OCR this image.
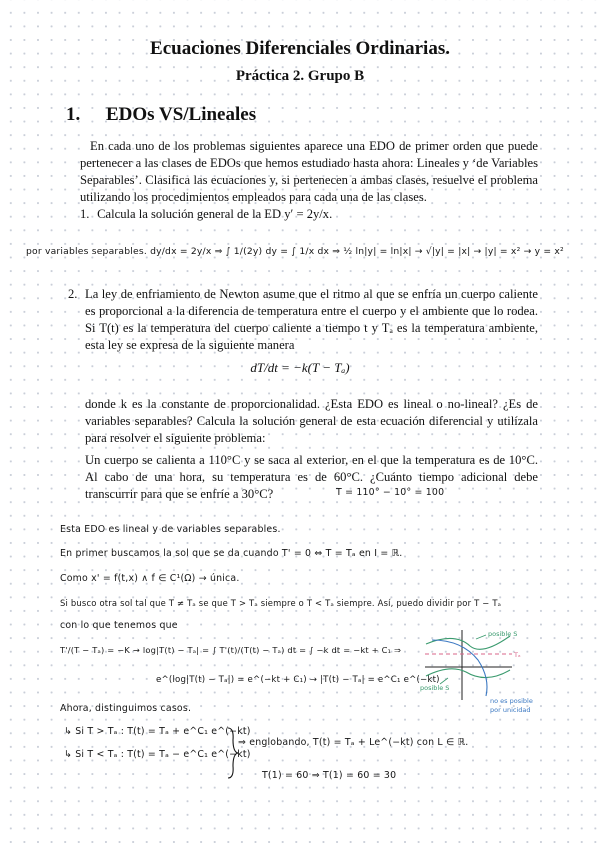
Ecuaciones Diferenciales Ordinarias.
Práctica 2. Grupo B
1. EDOs VS/Lineales
En cada uno de los problemas siguientes aparece una EDO de primer orden que puede pertenecer a las clases de EDOs que hemos estudiado hasta ahora: Lineales y ‘de Variables Separables’. Clasifica las ecuaciones y, si pertenecen a ambas clases, resuelve el problema utilizando los procedimientos empleados para cada una de las clases.
1. Calcula la solución general de la ED y′ = 2y/x.
por variables separables. dy/dx = 2y/x ⇒ ∫ 1/(2y) dy = ∫ 1/x dx ⇒ ½ ln|y| = ln|x| → √|y| = |x| → |y| = x² → y = x²
2. La ley de enfriamiento de Newton asume que el ritmo al que se enfría un cuerpo caliente es proporcional a la diferencia de temperatura entre el cuerpo y el ambiente que lo rodea. Si T(t) es la temperatura del cuerpo caliente a tiempo t y Tₐ es la temperatura ambiente, esta ley se expresa de la siguiente manera
dT/dt = −k(T − Tₐ)
donde k es la constante de proporcionalidad. ¿Esta EDO es lineal o no-lineal? ¿Es de variables separables? Calcula la solución general de esta ecuación diferencial y utilízala para resolver el siguiente problema:
Un cuerpo se calienta a 110°C y se saca al exterior, en el que la temperatura es de 10°C. Al cabo de una hora, su temperatura es de 60°C. ¿Cuánto tiempo adicional debe transcurrir para que se enfríe a 30°C?	T = 110° − 10° = 100
Esta EDO es lineal y de variables separables.
En primer buscamos la sol que se da cuando T' = 0 ⇔ T = Tₐ en I = ℝ.
Como x' = f(t,x) ∧ f ∈ C¹(Ω) → única.
Si busco otra sol tal que T ≠ Tₐ se que T > Tₐ siempre o T < Tₐ siempre. Así, puedo dividir por T − Tₐ
con lo que tenemos que
T'/(T − Tₐ) = −K → log|T(t) − Tₐ| = ∫ T'(t)/(T(t) − Tₐ) dt = ∫ −k dt = −kt + C₁ ⇒
e^(log|T(t) − Tₐ|) = e^(−kt + C₁) → |T(t) − Tₐ| = e^C₁ e^(−kt)
Ahora, distinguimos casos.
↳ Si T > Tₐ : T(t) = Tₐ + e^C₁ e^(−kt)
↳ Si T < Tₐ : T(t) = Tₐ − e^C₁ e^(−kt)
⇒ englobando, T(t) = Tₐ + Le^(−kt) con L ∈ ℝ.
T(1) = 60 ⇒ T(1) = 60 = 30
posible S
Tₐ
posible S
no es posible
por unicidad
